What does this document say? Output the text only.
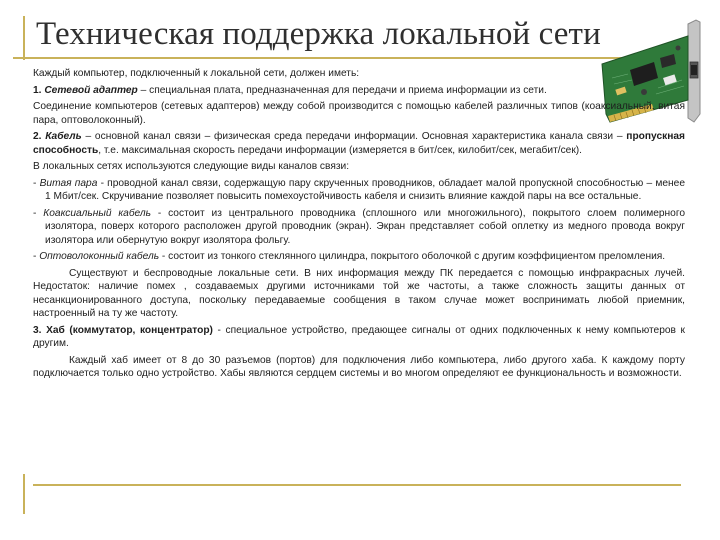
Техническая поддержка локальной сети

Каждый компьютер, подключенный к локальной сети, должен иметь:

1. Сетевой адаптер – специальная плата, предназначенная для передачи и приема информации из сети.

Соединение компьютеров (сетевых адаптеров) между собой производится с помощью кабелей различных типов (коаксиальный, витая пара, оптоволоконный).

2. Кабель – основной канал связи – физическая среда передачи информации. Основная характеристика канала связи – пропускная способность, т.е. максимальная скорость передачи информации (измеряется в бит/сек, килобит/сек, мегабит/сек).

В локальных сетях используются следующие виды каналов связи:

- Витая пара - проводной канал связи, содержащую пару скрученных проводников, обладает малой пропускной способностью – менее 1 Мбит/сек. Скручивание позволяет повысить помехоустойчивость кабеля и снизить влияние каждой пары на все остальные.

- Коаксиальный кабель - состоит из центрального проводника (сплошного или многожильного), покрытого слоем полимерного изолятора, поверх которого расположен другой проводник (экран). Экран представляет собой оплетку из медного провода вокруг изолятора или обернутую вокруг изолятора фольгу.

- Оптоволоконный кабель - состоит из тонкого стеклянного цилиндра, покрытого оболочкой с другим коэффициентом преломления.

Существуют и беспроводные локальные сети. В них информация между ПК передается с помощью инфракрасных лучей. Недостаток: наличие помех , создаваемых другими источниками той же частоты, а также сложность защиты данных от несанкционированного доступа, поскольку передаваемые сообщения в таком случае может воспринимать любой приемник, настроенный на ту же частоту.

3. Хаб (коммутатор, концентратор) - специальное устройство, предающее сигналы от одних подключенных к нему компьютеров к другим.

Каждый хаб имеет от 8 до 30 разъемов (портов) для подключения либо компьютера, либо другого хаба. К каждому порту подключается только одно устройство. Хабы являются сердцем системы и во многом определяют ее функциональность и возможности.
